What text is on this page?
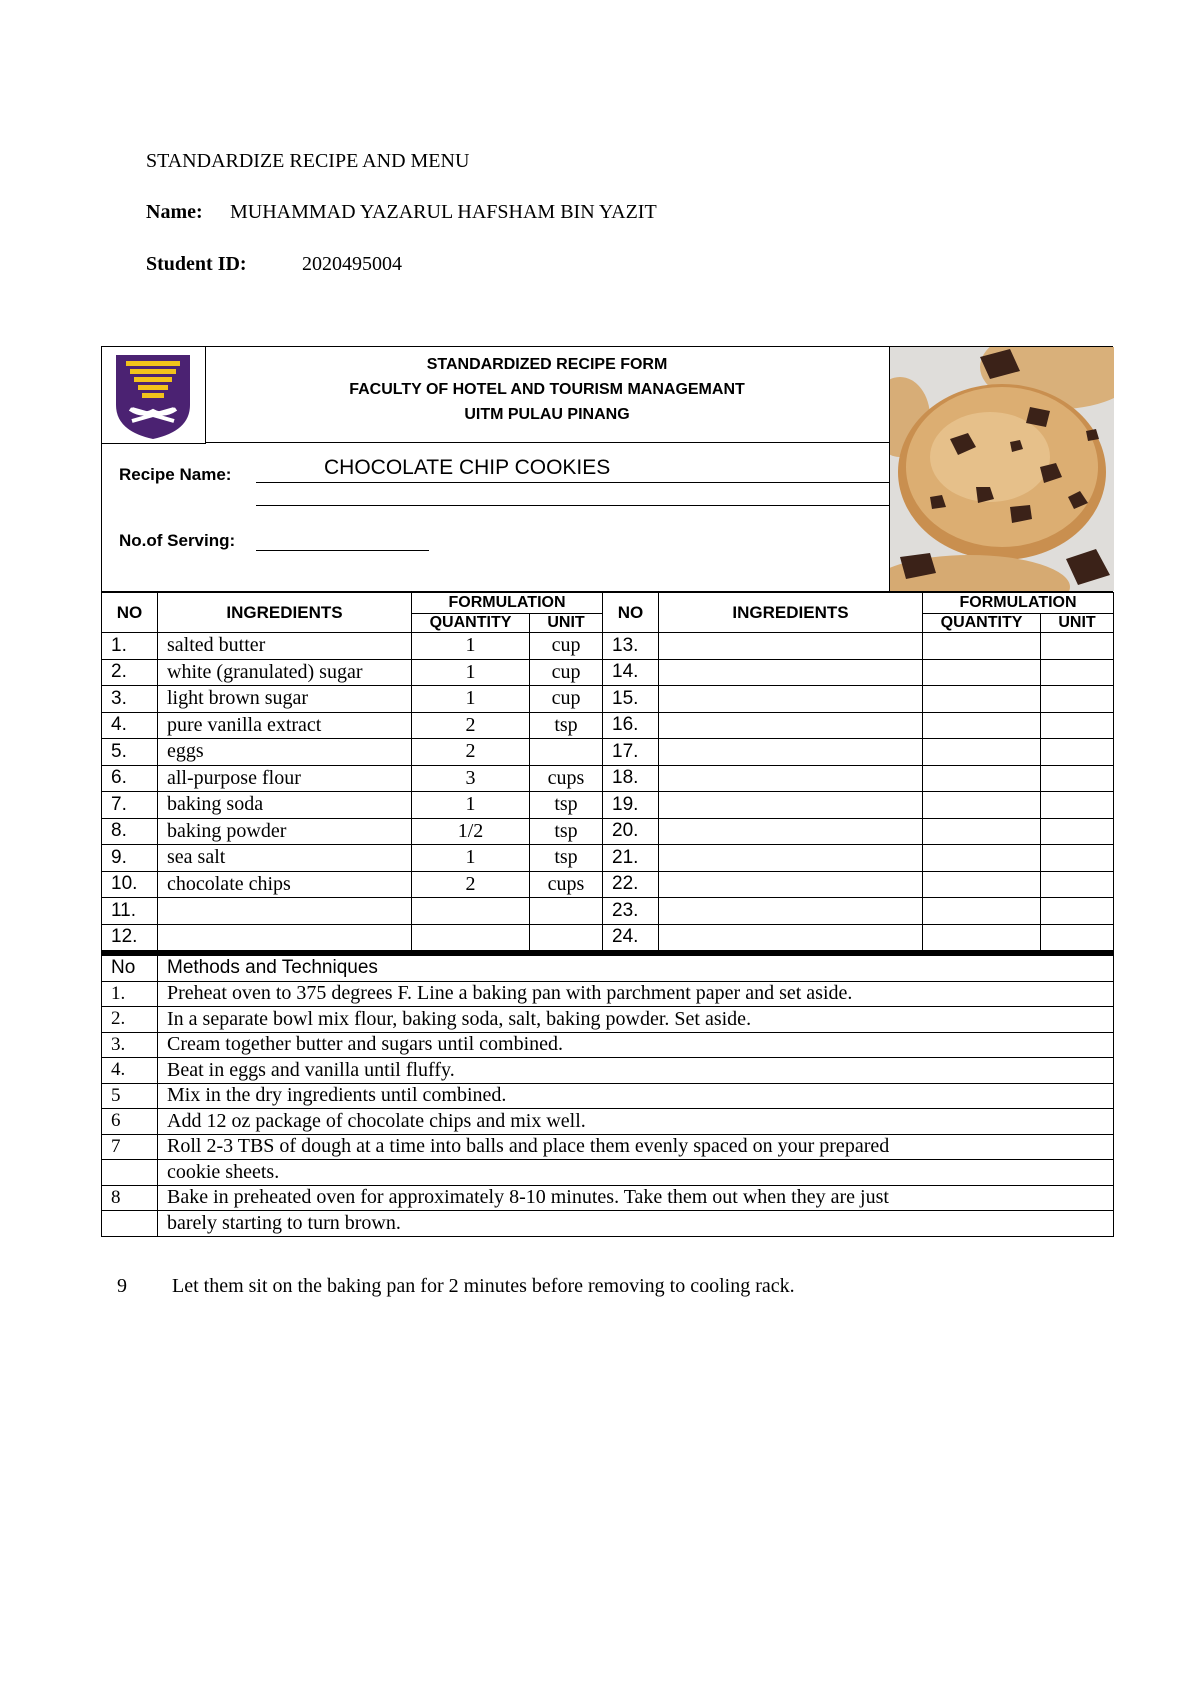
STANDARDIZE RECIPE AND MENU
Name: MUHAMMAD YAZARUL HAFSHAM BIN YAZIT
Student ID:	2020495004
STANDARDIZED RECIPE FORM
FACULTY OF HOTEL AND TOURISM MANAGEMANT
UITM PULAU PINANG
Recipe Name:	CHOCOLATE CHIP COOKIES
No.of Serving:
NO	INGREDIENTS	FORMULATION		NO	INGREDIENTS	FORMULATION	
		QUANTITY	UNIT			QUANTITY	UNIT
1.	salted butter	1	cup	13.			
2.	white (granulated) sugar	1	cup	14.			
3.	light brown sugar	1	cup	15.			
4.	pure vanilla extract	2	tsp	16.			
5.	eggs	2		17.			
6.	all-purpose flour	3	cups	18.			
7.	baking soda	1	tsp	19.			
8.	baking powder	1/2	tsp	20.			
9.	sea salt	1	tsp	21.			
10.	chocolate chips	2	cups	22.			
11.				23.			
12.				24.			
No	Methods and Techniques
1.	Preheat oven to 375 degrees F. Line a baking pan with parchment paper and set aside.
2.	In a separate bowl mix flour, baking soda, salt, baking powder. Set aside.
3.	Cream together butter and sugars until combined.
4.	Beat in eggs and vanilla until fluffy.
5	Mix in the dry ingredients until combined.
6	Add 12 oz package of chocolate chips and mix well.
7	Roll 2-3 TBS of dough at a time into balls and place them evenly spaced on your prepared
	cookie sheets.
8	Bake in preheated oven for approximately 8-10 minutes. Take them out when they are just
	barely starting to turn brown.
9 Let them sit on the baking pan for 2 minutes before removing to cooling rack.
